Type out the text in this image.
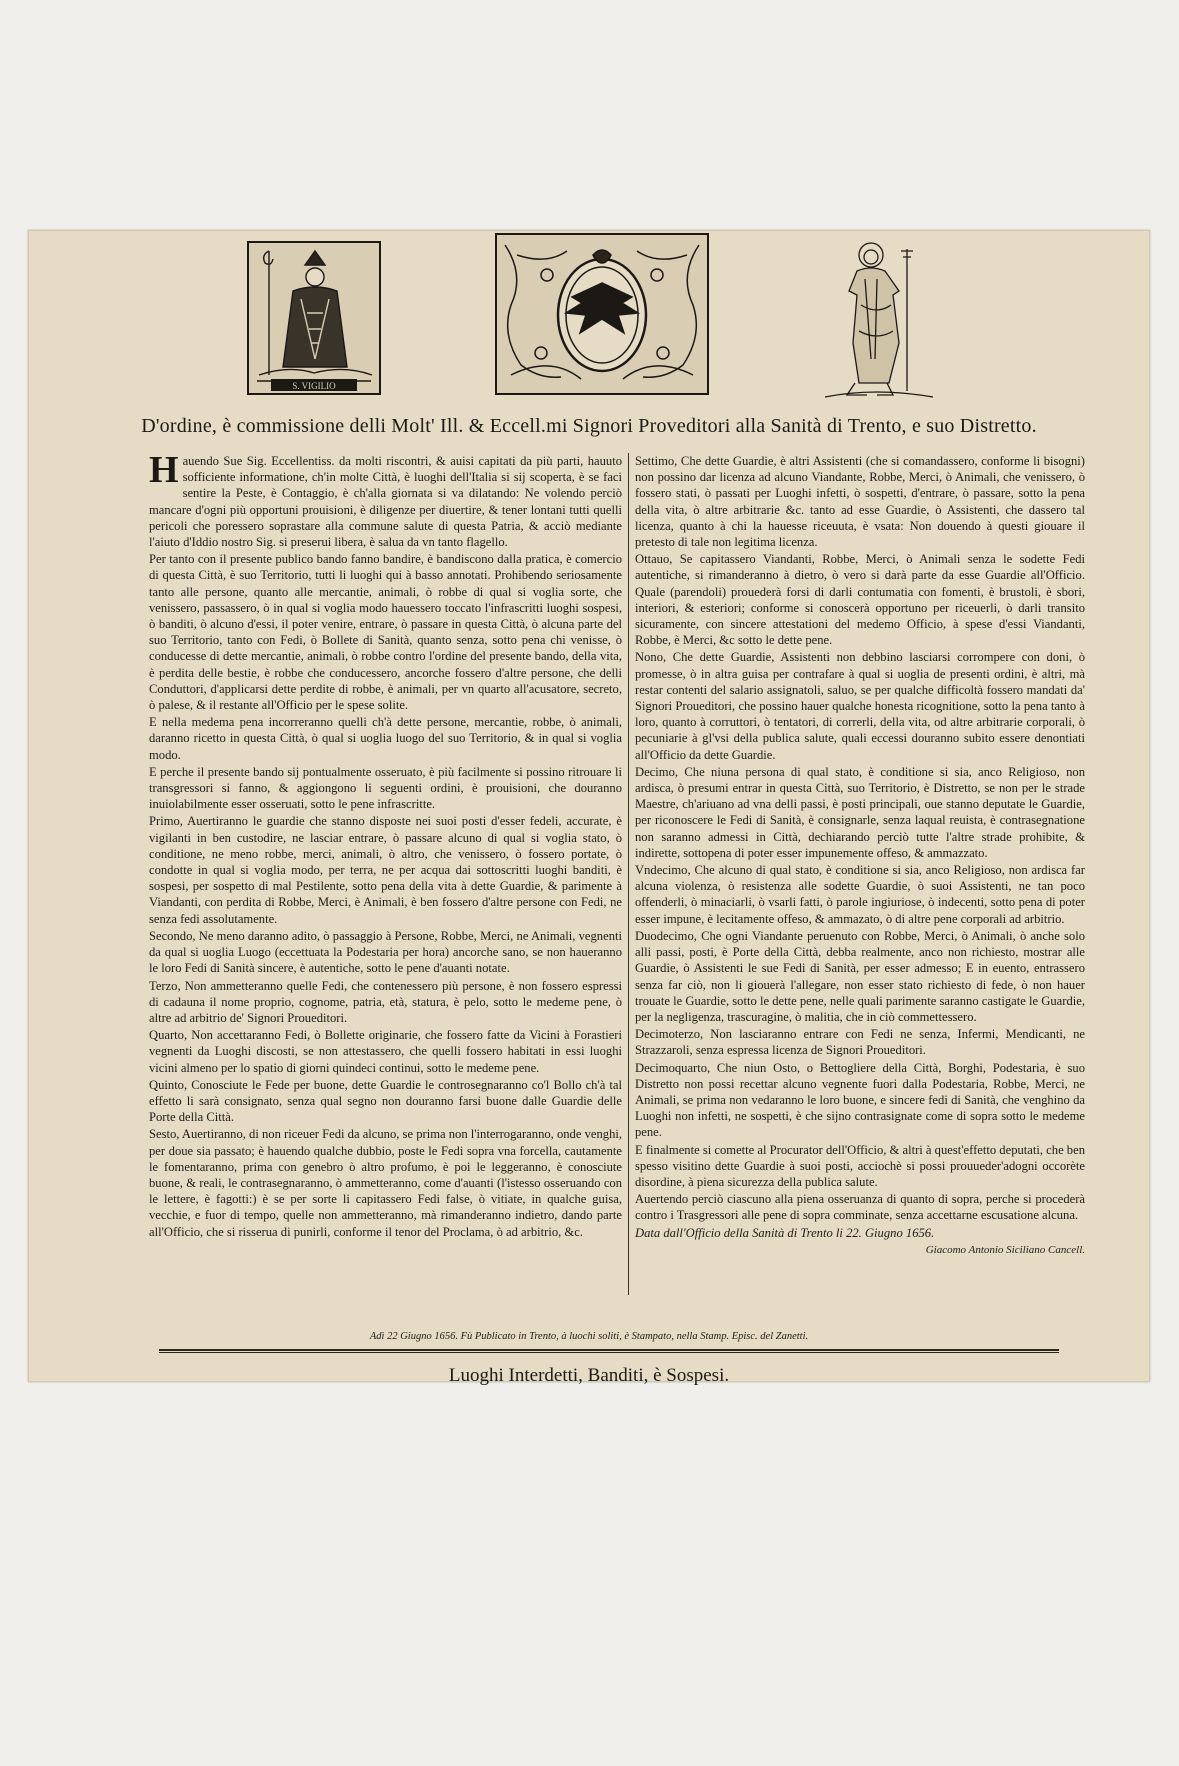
S. VIGILIO
D'ordine, è commissione delli Molt' Ill. & Eccell.mi Signori Proveditori alla Sanità di Trento, e suo Distretto.

Hauendo Sue Sig. Eccellentiss. da molti riscontri, & auisi capitati da più parti, hauuto sofficiente informatione, ch'in molte Città, è luoghi dell'Italia si sij scoperta, è se faci sentire la Peste, è Contaggio, è ch'alla giornata si va dilatando: Ne volendo perciò mancare d'ogni più opportuni prouisioni, è diligenze per diuertire, & tener lontani tutti quelli pericoli che poressero soprastare alla commune salute di questa Patria, & acciò mediante l'aiuto d'Iddio nostro Sig. si preserui libera, è salua da vn tanto flagello.

Per tanto con il presente publico bando fanno bandire, è bandiscono dalla pratica, è comercio di questa Città, è suo Territorio, tutti li luoghi qui à basso annotati. Prohibendo seriosamente tanto alle persone, quanto alle mercantie, animali, ò robbe di qual si voglia sorte, che venissero, passassero, ò in qual si voglia modo hauessero toccato l'infrascritti luoghi sospesi, ò banditi, ò alcuno d'essi, il poter venire, entrare, ò passare in questa Città, ò alcuna parte del suo Territorio, tanto con Fedi, ò Bollete di Sanità, quanto senza, sotto pena chi venisse, ò conducesse di dette mercantie, animali, ò robbe contro l'ordine del presente bando, della vita, è perdita delle bestie, è robbe che conducessero, ancorche fossero d'altre persone, che delli Conduttori, d'applicarsi dette perdite di robbe, è animali, per vn quarto all'acusatore, secreto, ò palese, & il restante all'Officio per le spese solite.

E nella medema pena incorreranno quelli ch'à dette persone, mercantie, robbe, ò animali, daranno ricetto in questa Città, ò qual si uoglia luogo del suo Territorio, & in qual si voglia modo.

E perche il presente bando sij pontualmente osseruato, è più facilmente si possino ritrouare li transgressori si fanno, & aggiongono li seguenti ordini, è prouisioni, che douranno inuiolabilmente esser osseruati, sotto le pene infrascritte.

Primo, Auertiranno le guardie che stanno disposte nei suoi posti d'esser fedeli, accurate, è vigilanti in ben custodire, ne lasciar entrare, ò passare alcuno di qual si voglia stato, ò conditione, ne meno robbe, merci, animali, ò altro, che venissero, ò fossero portate, ò condotte in qual si voglia modo, per terra, ne per acqua dai sottoscritti luoghi banditi, è sospesi, per sospetto di mal Pestilente, sotto pena della vita à dette Guardie, & parimente à Viandanti, con perdita di Robbe, Merci, è Animali, è ben fossero d'altre persone con Fedi, ne senza fedi assolutamente.

Secondo, Ne meno daranno adito, ò passaggio à Persone, Robbe, Merci, ne Animali, vegnenti da qual si uoglia Luogo (eccettuata la Podestaria per hora) ancorche sano, se non haueranno le loro Fedi di Sanità sincere, è autentiche, sotto le pene d'auanti notate.

Terzo, Non ammetteranno quelle Fedi, che contenessero più persone, è non fossero espressi di cadauna il nome proprio, cognome, patria, età, statura, è pelo, sotto le medeme pene, ò altre ad arbitrio de' Signori Proueditori.

Quarto, Non accettaranno Fedi, ò Bollette originarie, che fossero fatte da Vicini à Forastieri vegnenti da Luoghi discosti, se non attestassero, che quelli fossero habitati in essi luoghi vicini almeno per lo spatio di giorni quindeci continui, sotto le medeme pene.

Quinto, Conosciute le Fede per buone, dette Guardie le controsegnaranno co'l Bollo ch'à tal effetto li sarà consignato, senza qual segno non douranno farsi buone dalle Guardie delle Porte della Città.

Sesto, Auertiranno, di non riceuer Fedi da alcuno, se prima non l'interrogaranno, onde venghi, per doue sia passato; è hauendo qualche dubbio, poste le Fedi sopra vna forcella, cautamente le fomentaranno, prima con genebro ò altro profumo, è poi le leggeranno, è conosciute buone, & reali, le contrasegnaranno, ò ammetteranno, come d'auanti (l'istesso osseruando con le lettere, è fagotti:) è se per sorte li capitassero Fedi false, ò vitiate, in qualche guisa, vecchie, e fuor di tempo, quelle non ammetteranno, mà rimanderanno indietro, dando parte all'Officio, che si risserua di punirli, conforme il tenor del Proclama, ò ad arbitrio, &c.

Settimo, Che dette Guardie, è altri Assistenti (che si comandassero, conforme li bisogni) non possino dar licenza ad alcuno Viandante, Robbe, Merci, ò Animali, che venissero, ò fossero stati, ò passati per Luoghi infetti, ò sospetti, d'entrare, ò passare, sotto la pena della vita, ò altre arbitrarie &c. tanto ad esse Guardie, ò Assistenti, che dassero tal licenza, quanto à chi la hauesse riceuuta, è vsata: Non douendo à questi giouare il pretesto di tale non legitima licenza.

Ottauo, Se capitassero Viandanti, Robbe, Merci, ò Animali senza le sodette Fedi autentiche, si rimanderanno à dietro, ò vero si darà parte da esse Guardie all'Officio. Quale (parendoli) prouederà forsi di darli contumatia con fomenti, è brustoli, è sbori, interiori, & esteriori; conforme si conoscerà opportuno per riceuerli, ò darli transito sicuramente, con sincere attestationi del medemo Officio, à spese d'essi Viandanti, Robbe, è Merci, &c sotto le dette pene.

Nono, Che dette Guardie, Assistenti non debbino lasciarsi corrompere con doni, ò promesse, ò in altra guisa per contrafare à qual si uoglia de presenti ordini, è altri, mà restar contenti del salario assignatoli, saluo, se per qualche difficoltà fossero mandati da' Signori Proueditori, che possino hauer qualche honesta ricognitione, sotto la pena tanto à loro, quanto à corruttori, ò tentatori, di correrli, della vita, od altre arbitrarie corporali, ò pecuniarie à gl'vsi della publica salute, quali eccessi douranno subito essere denontiati all'Officio da dette Guardie.

Decimo, Che niuna persona di qual stato, è conditione si sia, anco Religioso, non ardisca, ò presumi entrar in questa Città, suo Territorio, è Distretto, se non per le strade Maestre, ch'ariuano ad vna delli passi, è posti principali, oue stanno deputate le Guardie, per riconoscere le Fedi di Sanità, è consignarle, senza laqual reuista, è contrasegnatione non saranno admessi in Città, dechiarando perciò tutte l'altre strade prohibite, & indirette, sottopena di poter esser impunemente offeso, & ammazzato.

Vndecimo, Che alcuno di qual stato, è conditione si sia, anco Religioso, non ardisca far alcuna violenza, ò resistenza alle sodette Guardie, ò suoi Assistenti, ne tan poco offenderli, ò minaciarli, ò vsarli fatti, ò parole ingiuriose, ò indecenti, sotto pena di poter esser impune, è lecitamente offeso, & ammazato, ò di altre pene corporali ad arbitrio.

Duodecimo, Che ogni Viandante peruenuto con Robbe, Merci, ò Animali, ò anche solo alli passi, posti, è Porte della Città, debba realmente, anco non richiesto, mostrar alle Guardie, ò Assistenti le sue Fedi di Sanità, per esser admesso; E in euento, entrassero senza far ciò, non li giouerà l'allegare, non esser stato richiesto di fede, ò non hauer trouate le Guardie, sotto le dette pene, nelle quali parimente saranno castigate le Guardie, per la negligenza, trascuragine, ò malitia, che in ciò commettessero.

Decimoterzo, Non lasciaranno entrare con Fedi ne senza, Infermi, Mendicanti, ne Strazzaroli, senza espressa licenza de Signori Proueditori.

Decimoquarto, Che niun Osto, o Bettogliere della Città, Borghi, Podestaria, è suo Distretto non possi recettar alcuno vegnente fuori dalla Podestaria, Robbe, Merci, ne Animali, se prima non vedaranno le loro buone, e sincere fedi di Sanità, che venghino da Luoghi non infetti, ne sospetti, è che sijno contrasignate come di sopra sotto le medeme pene.

E finalmente si comette al Procurator dell'Officio, & altri à quest'effetto deputati, che ben spesso visitino dette Guardie à suoi posti, acciochè si possi prouueder'adogni occorète disordine, à piena sicurezza della publica salute.

Auertendo perciò ciascuno alla piena osseruanza di quanto di sopra, perche si procederà contro i Trasgressori alle pene di sopra comminate, senza accettarne escusatione alcuna.

Data dall'Officio della Sanità di Trento li 22. Giugno 1656.

Giacomo Antonio Siciliano Cancell.

Adì 22 Giugno 1656. Fù Publicato in Trento, à luochi soliti, è Stampato, nella Stamp. Episc. del Zanetti.
Luoghi Interdetti, Banditi, è Sospesi.
